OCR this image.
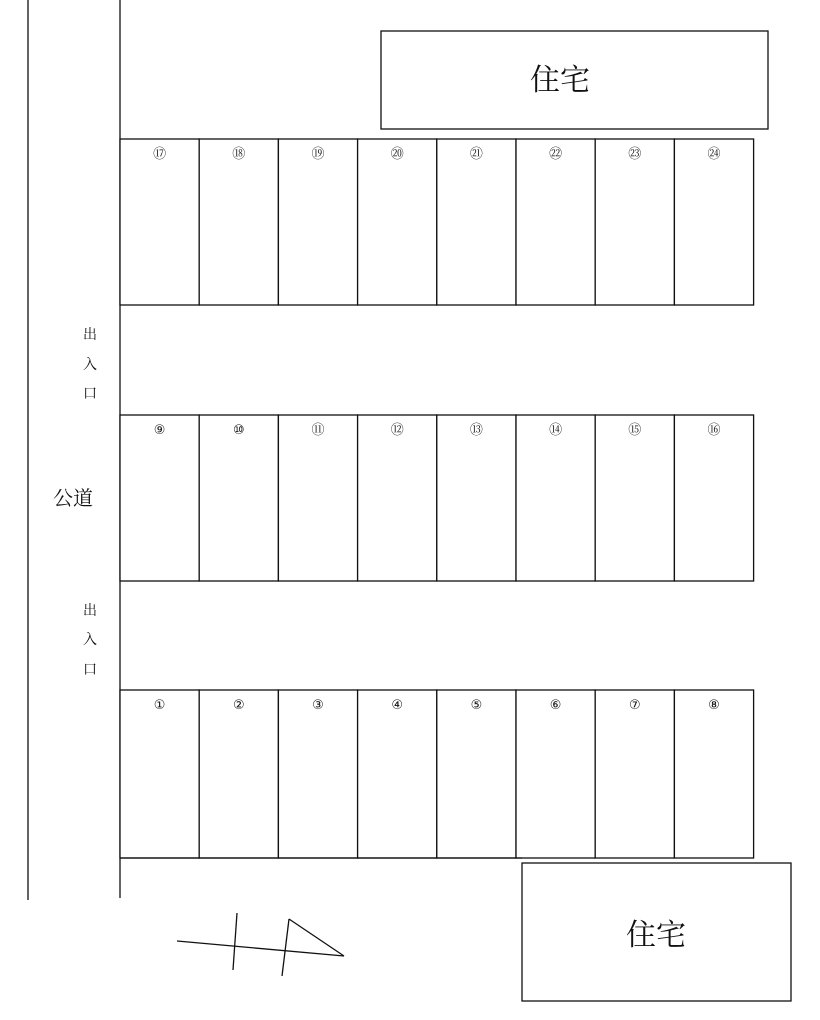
住宅
住宅
公道
出
入
口
出
入
口
⑰	⑱	⑲	⑳	㉑	㉒	㉓	㉔
⑨	⑩	⑪	⑫	⑬	⑭	⑮	⑯
①	②	③	④	⑤	⑥	⑦	⑧
